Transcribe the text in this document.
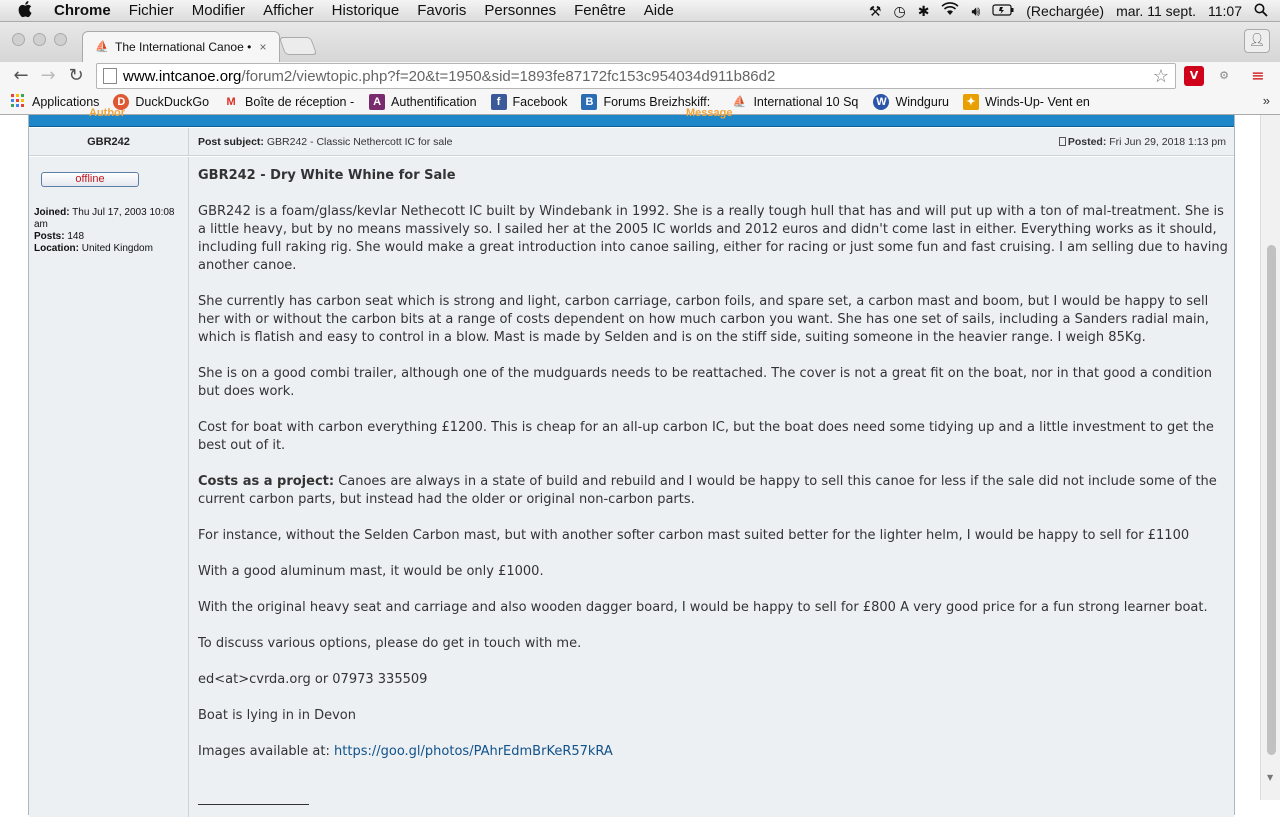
Chrome Fichier Modifier Afficher Historique Favoris Personnes Fenêtre Aide	⚒ ◷ ✱	🔊︎	(Rechargée) mar. 11 sept. 11:07
⛵ The International Canoe • ×	👤︎
← → ↻	www.intcanoe.org /forum2/viewtopic.php?f=20&t=1950&sid=1893fe87172fc153c954034d911b86d2	☆	V	⚙	≡
Applications	D DuckDuckGo	M Boîte de réception -	A Authentification	f Facebook	B Forums Breizhskiff: ⛵ International 10 Sq W Windguru	✦ Winds-Up- Vent en	»
Author	Message
GBR242	Post subject: GBR242 - Classic Nethercott IC for sale	Posted: Fri Jun 29, 2018 1:13 pm
offline
Joined: Thu Jul 17, 2003 10:08 am
Posts: 148
Location: United Kingdom
GBR242 - Dry White Whine for Sale

GBR242 is a foam/glass/kevlar Nethecott IC built by Windebank in 1992. She is a really tough hull that has and will put up with a ton of mal-treatment. She is a little heavy, but by no means massively so. I sailed her at the 2005 IC worlds and 2012 euros and didn't come last in either. Everything works as it should, including full raking rig. She would make a great introduction into canoe sailing, either for racing or just some fun and fast cruising. I am selling due to having another canoe.

She currently has carbon seat which is strong and light, carbon carriage, carbon foils, and spare set, a carbon mast and boom, but I would be happy to sell her with or without the carbon bits at a range of costs dependent on how much carbon you want. She has one set of sails, including a Sanders radial main, which is flatish and easy to control in a blow. Mast is made by Selden and is on the stiff side, suiting someone in the heavier range. I weigh 85Kg.

She is on a good combi trailer, although one of the mudguards needs to be reattached. The cover is not a great fit on the boat, nor in that good a condition but does work.

Cost for boat with carbon everything £1200. This is cheap for an all-up carbon IC, but the boat does need some tidying up and a little investment to get the best out of it.

Costs as a project: Canoes are always in a state of build and rebuild and I would be happy to sell this canoe for less if the sale did not include some of the current carbon parts, but instead had the older or original non-carbon parts.

For instance, without the Selden Carbon mast, but with another softer carbon mast suited better for the lighter helm, I would be happy to sell for £1100

With a good aluminum mast, it would be only £1000.

With the original heavy seat and carriage and also wooden dagger board, I would be happy to sell for £800 A very good price for a fun strong learner boat.

To discuss various options, please do get in touch with me.

ed<at>cvrda.org or 07973 335509

Boat is lying in in Devon

Images available at: https://goo.gl/photos/PAhrEdmBrKeR57kRA

▼
